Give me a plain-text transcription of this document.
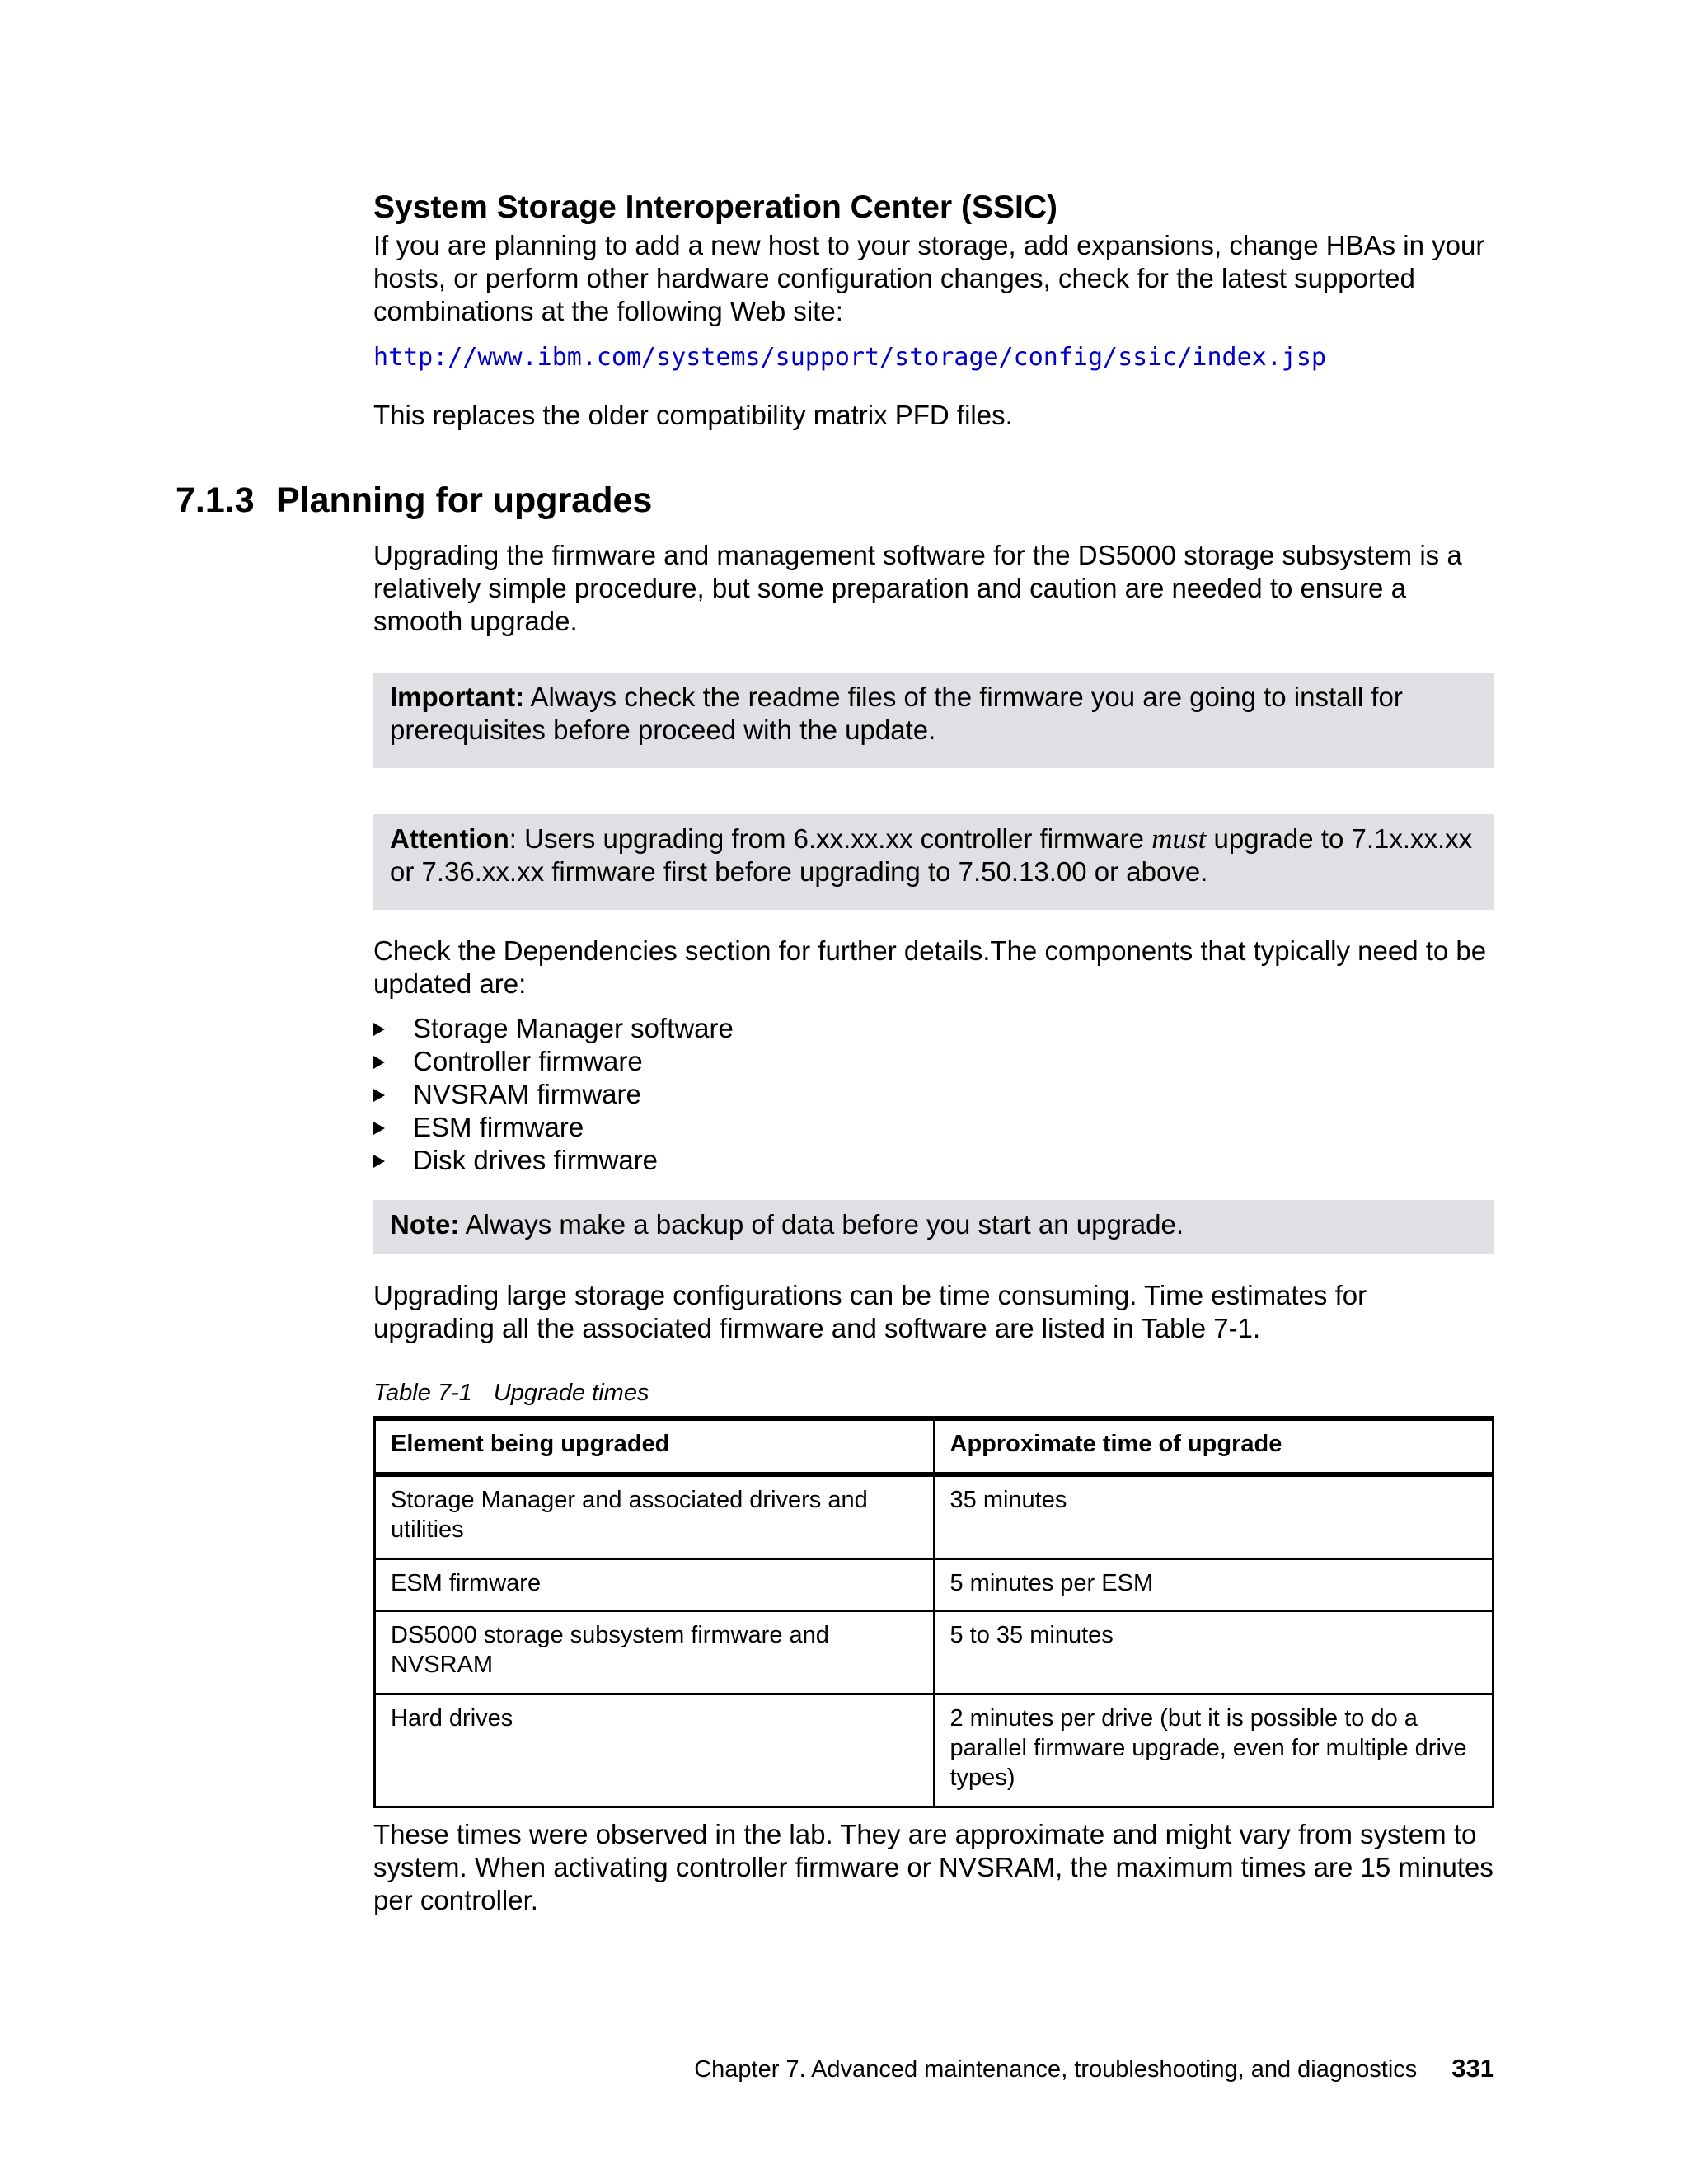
System Storage Interoperation Center (SSIC)

If you are planning to add a new host to your storage, add expansions, change HBAs in your hosts, or perform other hardware configuration changes, check for the latest supported combinations at the following Web site:

http://www.ibm.com/systems/support/storage/config/ssic/index.jsp

This replaces the older compatibility matrix PFD files.

7.1.3 Planning for upgrades

Upgrading the firmware and management software for the DS5000 storage subsystem is a relatively simple procedure, but some preparation and caution are needed to ensure a smooth upgrade.

Important: Always check the readme files of the firmware you are going to install for prerequisites before proceed with the update.

Attention: Users upgrading from 6.xx.xx.xx controller firmware must upgrade to 7.1x.xx.xx or 7.36.xx.xx firmware first before upgrading to 7.50.13.00 or above.

Check the Dependencies section for further details.The components that typically need to be updated are:

Storage Manager software
Controller firmware
NVSRAM firmware
ESM firmware
Disk drives firmware

Note: Always make a backup of data before you start an upgrade.

Upgrading large storage configurations can be time consuming. Time estimates for upgrading all the associated firmware and software are listed in Table 7-1.

Table 7-1 Upgrade times
Element being upgraded	Approximate time of upgrade
Storage Manager and associated drivers and utilities	35 minutes
ESM firmware	5 minutes per ESM
DS5000 storage subsystem firmware and NVSRAM	5 to 35 minutes
Hard drives	2 minutes per drive (but it is possible to do a parallel firmware upgrade, even for multiple drive types)

These times were observed in the lab. They are approximate and might vary from system to system. When activating controller firmware or NVSRAM, the maximum times are 15 minutes per controller.

Chapter 7. Advanced maintenance, troubleshooting, and diagnostics 331
